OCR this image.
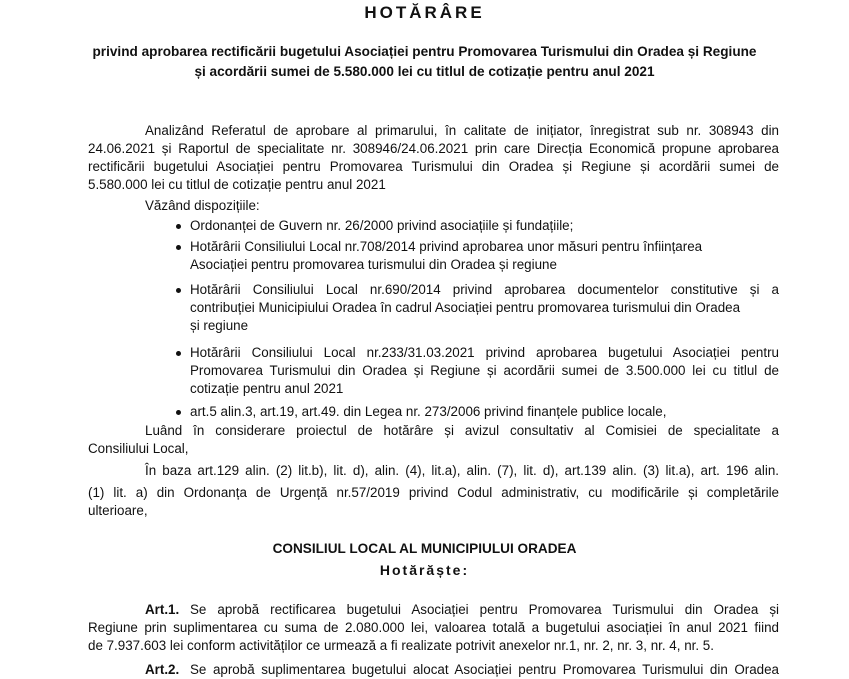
HOTĂRÂRE
privind aprobarea rectificării bugetului Asociației pentru Promovarea Turismului din Oradea și Regiune
și acordării sumei de 5.580.000 lei cu titlul de cotizație pentru anul 2021
Analizând Referatul de aprobare al primarului, în calitate de inițiator, înregistrat sub nr. 308943 din
24.06.2021 și Raportul de specialitate nr. 308946/24.06.2021 prin care Direcția Economică propune aprobarea
rectificării bugetului Asociației pentru Promovarea Turismului din Oradea și Regiune și acordării sumei de
5.580.000 lei cu titlul de cotizație pentru anul 2021
Văzând dispozițiile:
Ordonanței de Guvern nr. 26/2000 privind asociațiile și fundațiile;
Hotărârii Consiliului Local nr.708/2014 privind aprobarea unor măsuri pentru înființarea
Asociației pentru promovarea turismului din Oradea și regiune
Hotărârii Consiliului Local nr.690/2014 privind aprobarea documentelor constitutive și a
contribuției Municipiului Oradea în cadrul Asociației pentru promovarea turismului din Oradea
și regiune
Hotărârii Consiliului Local nr.233/31.03.2021 privind aprobarea bugetului Asociației pentru
Promovarea Turismului din Oradea și Regiune și acordării sumei de 3.500.000 lei cu titlul de
cotizație pentru anul 2021
art.5 alin.3, art.19, art.49. din Legea nr. 273/2006 privind finanțele publice locale,
Luând în considerare proiectul de hotărâre și avizul consultativ al Comisiei de specialitate a
Consiliului Local,
În baza art.129 alin. (2) lit.b), lit. d), alin. (4), lit.a), alin. (7), lit. d), art.139 alin. (3) lit.a), art. 196 alin.
(1) lit. a) din Ordonanța de Urgență nr.57/2019 privind Codul administrativ, cu modificările și completările
ulterioare,
CONSILIUL LOCAL AL MUNICIPIULUI ORADEA
Hotărăște:
Art.1. Se aprobă rectificarea bugetului Asociației pentru Promovarea Turismului din Oradea și
Regiune prin suplimentarea cu suma de 2.080.000 lei, valoarea totală a bugetului asociației în anul 2021 fiind
de 7.937.603 lei conform activităților ce urmează a fi realizate potrivit anexelor nr.1, nr. 2, nr. 3, nr. 4, nr. 5.
Art.2. Se aprobă suplimentarea bugetului alocat Asociației pentru Promovarea Turismului din Oradea
